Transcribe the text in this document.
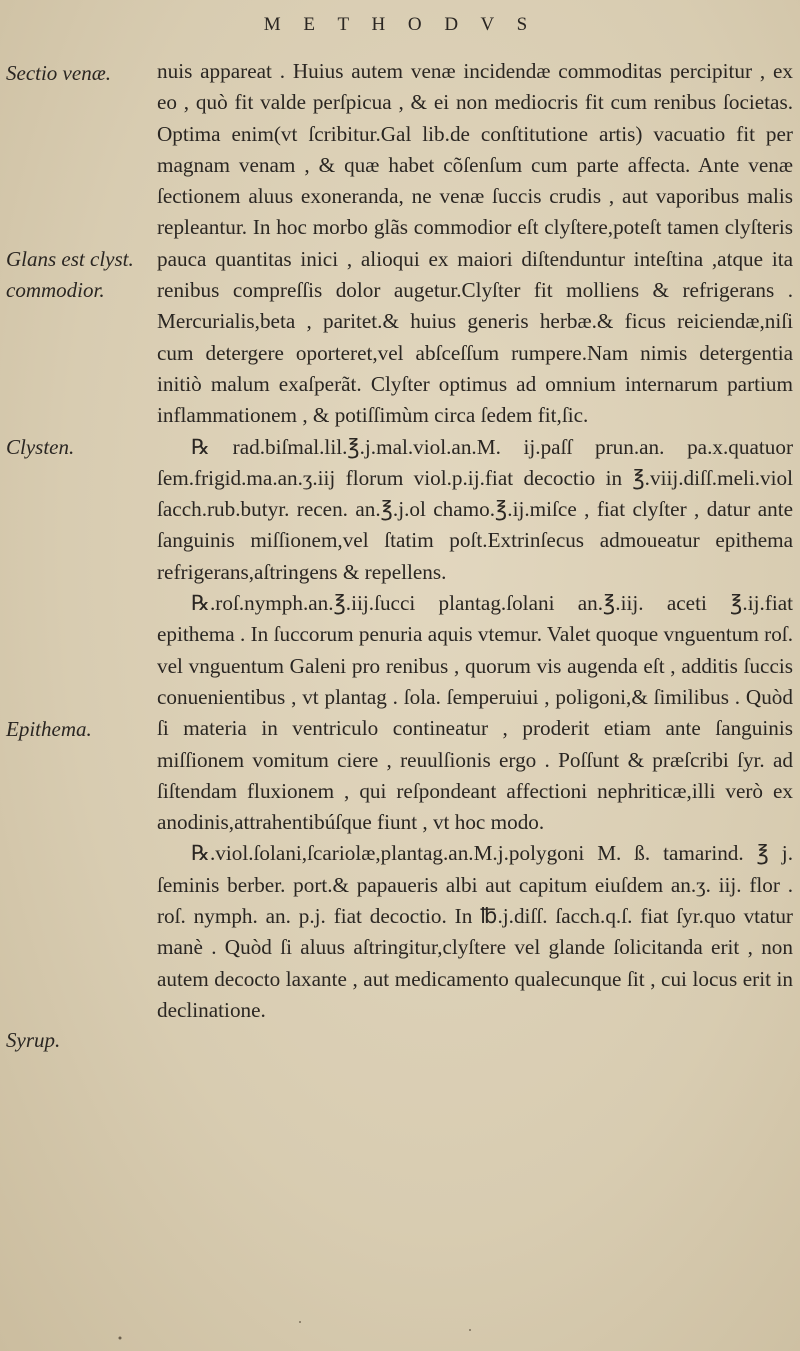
M E T H O D V S
Sectio venæ.
Glans est clyst. commodior.
Clysten.
Epithema.
Syrup.

nuis appareat . Huius autem venæ incidendæ commoditas percipitur , ex eo , quò fit valde perſpicua , & ei non mediocris fit cum renibus ſocietas. Optima enim(vt ſcribitur.Gal lib.de conſtitutione artis) vacuatio fit per magnam venam , & quæ habet cõſenſum cum parte affecta. Ante venæ ſectionem aluus exoneranda, ne venæ ſuccis crudis , aut vaporibus malis repleantur. In hoc morbo glãs commodior eſt clyſtere,poteſt tamen clyſteris pauca quantitas inici , alioqui ex maiori diſtenduntur inteſtina ,atque ita renibus compreſſis dolor augetur.Clyſter fit molliens & refrigerans . Mercurialis,beta , paritet.& huius generis herbæ.& ficus reiciendæ,niſi cum detergere oporteret,vel abſceſſum rumpere.Nam nimis detergentia initiò malum exaſperãt. Clyſter optimus ad omnium internarum partium inflammationem , & potiſſimùm circa ſedem fit,ſic.

℞ rad.biſmal.lil.℥.j.mal.viol.an.M. ij.paſſ prun.an. pa.x.quatuor ſem.frigid.ma.an.ʒ.iij florum viol.p.ij.fiat decoctio in ℥.viij.diſſ.meli.viol ſacch.rub.butyr. recen. an.℥.j.ol chamo.℥.ij.miſce , fiat clyſter , datur ante ſanguinis miſſionem,vel ſtatim poſt.Extrinſecus admoueatur epithema refrigerans,aſtringens & repellens.

℞.roſ.nymph.an.℥.iij.ſucci plantag.ſolani an.℥.iij. aceti ℥.ij.fiat epithema . In ſuccorum penuria aquis vtemur. Valet quoque vnguentum roſ. vel vnguentum Galeni pro renibus , quorum vis augenda eſt , additis ſuccis conuenientibus , vt plantag . ſola. ſemperuiui , poligoni,& ſimilibus . Quòd ſi materia in ventriculo contineatur , proderit etiam ante ſanguinis miſſionem vomitum ciere , reuulſionis ergo . Poſſunt & præſcribi ſyr. ad ſiſtendam fluxionem , qui reſpondeant affectioni nephriticæ,illi verò ex anodinis,attrahentibúſque fiunt , vt hoc modo.

℞.viol.ſolani,ſcariolæ,plantag.an.M.j.polygoni M. ß. tamarind. ℥ j. ſeminis berber. port.& papaueris albi aut capitum eiuſdem an.ʒ. iij. flor . roſ. nymph. an. p.j. fiat decoctio. In ℔.j.diſſ. ſacch.q.ſ. fiat ſyr.quo vtatur manè . Quòd ſi aluus aſtringitur,clyſtere vel glande ſolicitanda erit , non autem decocto laxante , aut medicamento qualecunque ſit , cui locus erit in declinatione.
